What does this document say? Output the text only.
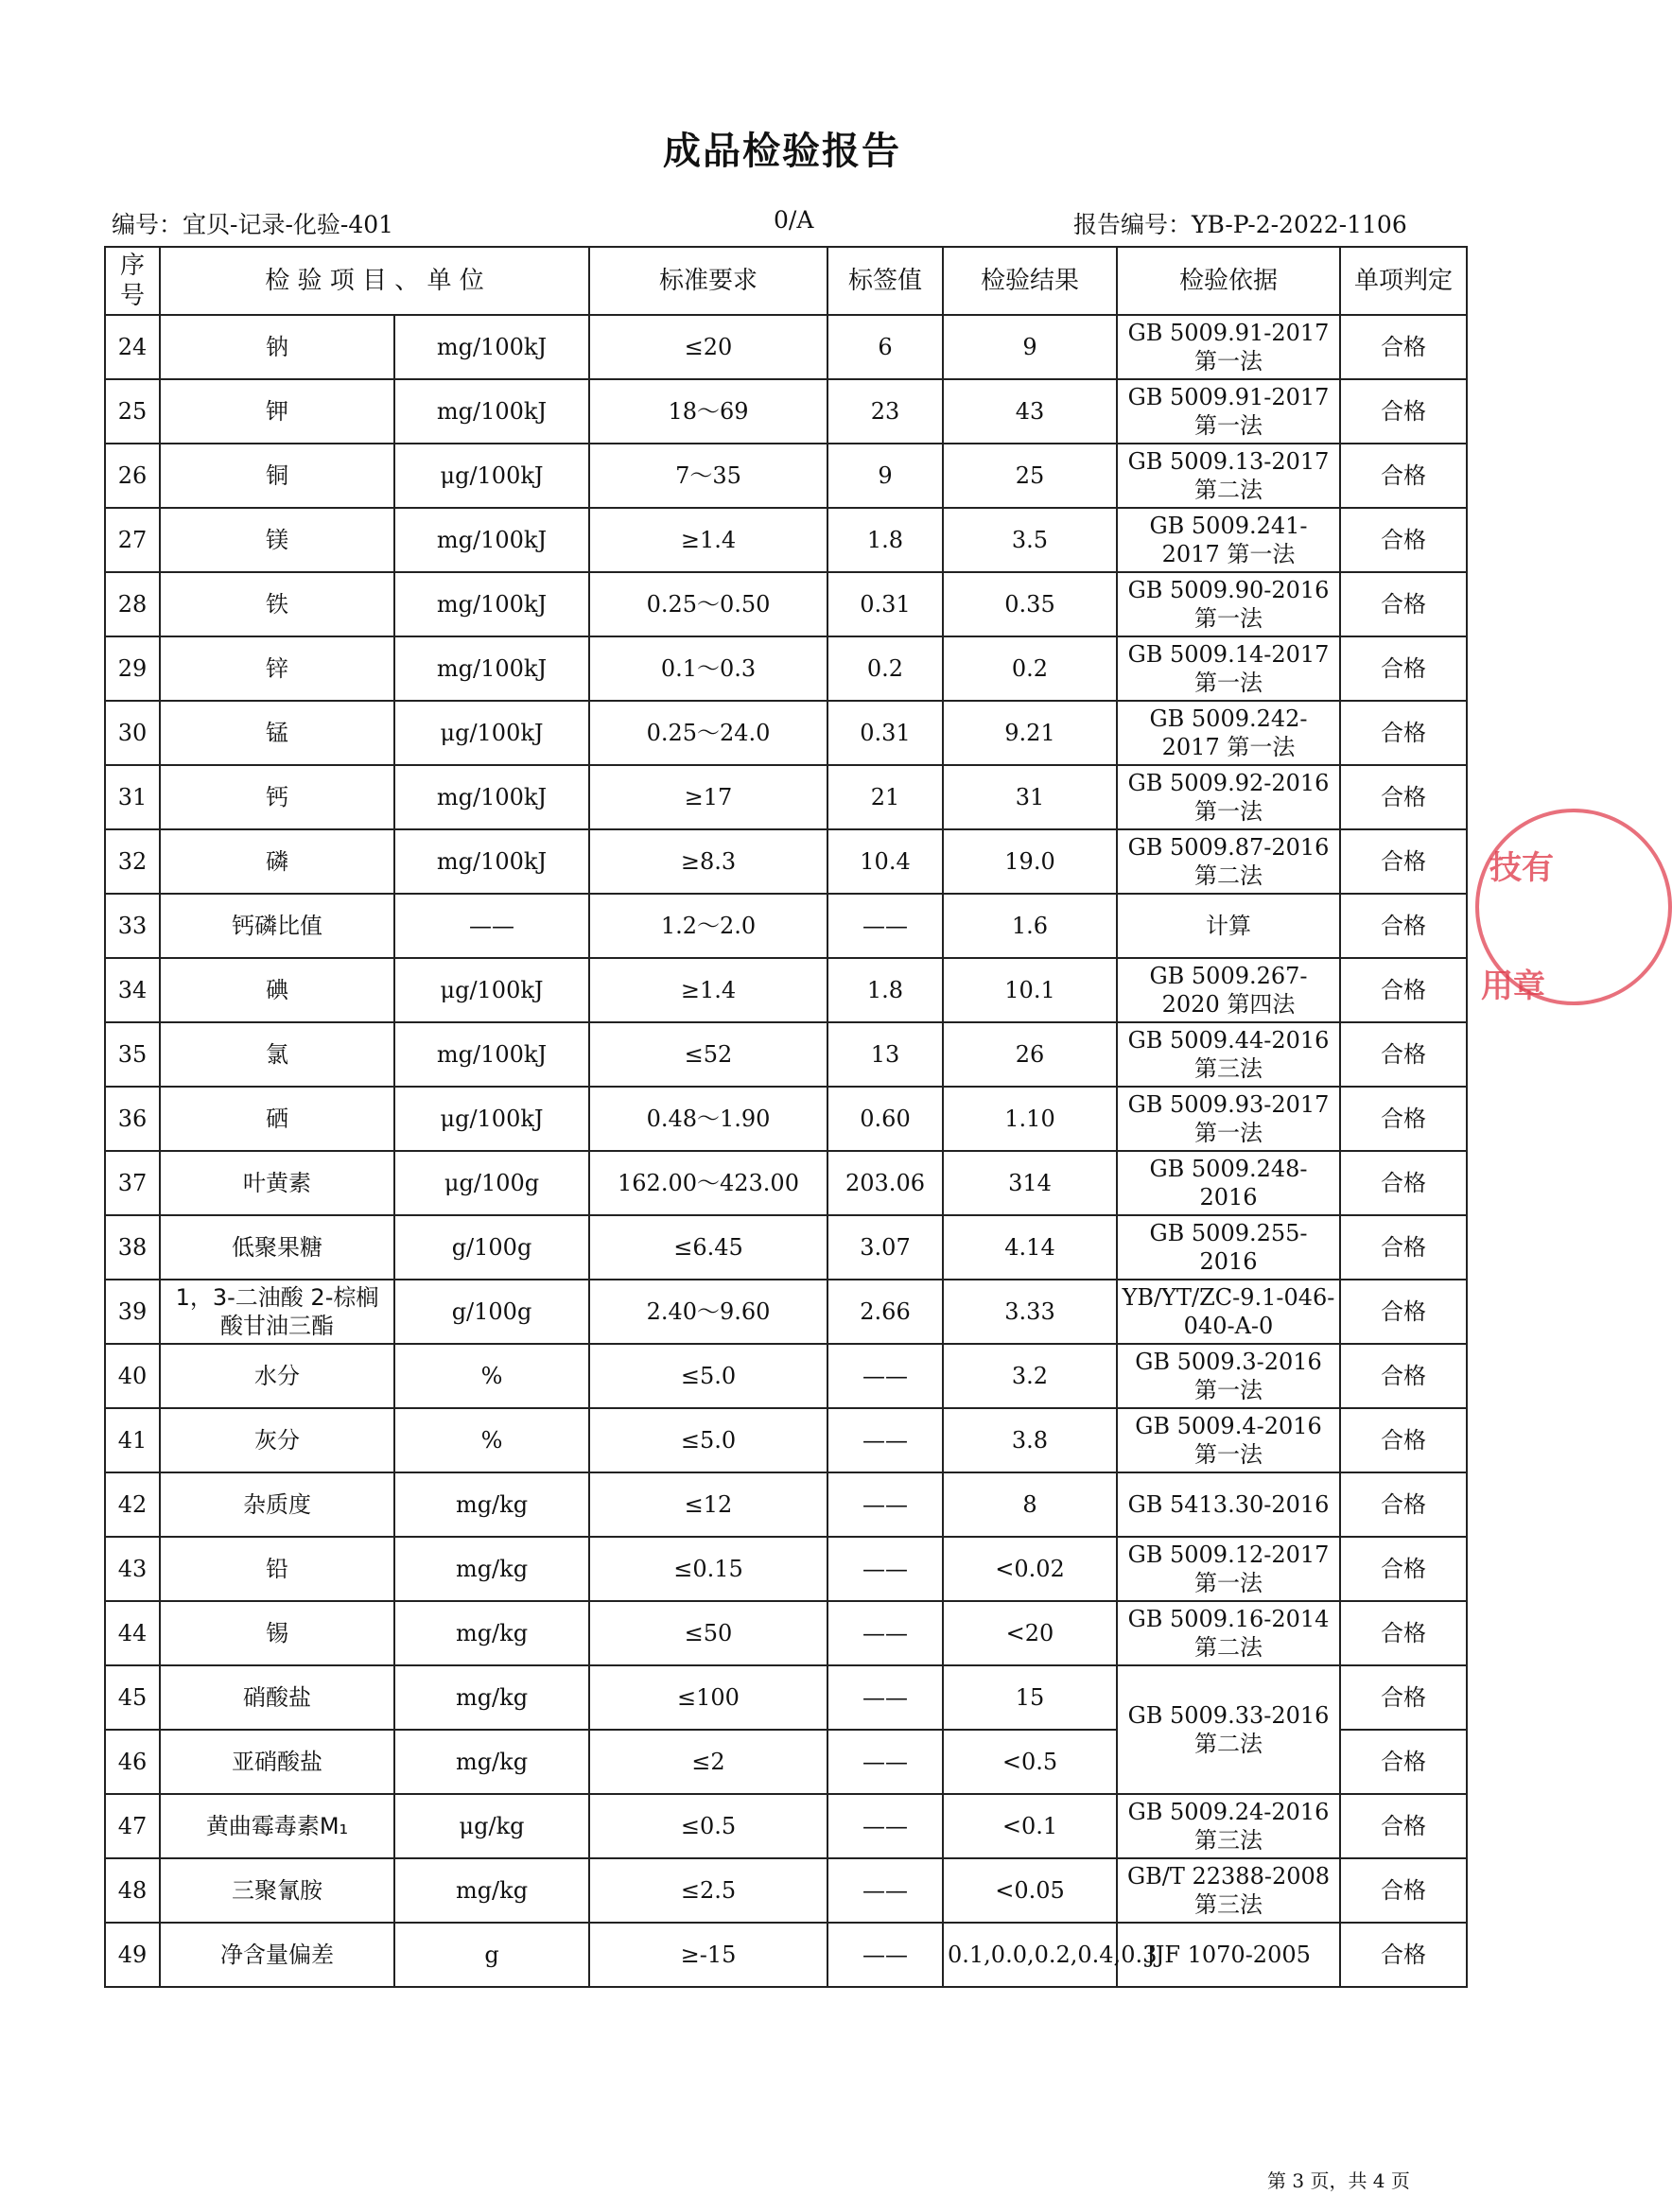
成品检验报告
编号：宜贝-记录-化验-401	0/A	报告编号：YB-P-2-2022-1106
序号	检 验 项 目 、 单 位		标准要求	标签值	检验结果	检验依据	单项判定
24	钠	mg/100kJ	≤20	6	9	GB 5009.91-2017 第一法	合格
25	钾	mg/100kJ	18～69	23	43	GB 5009.91-2017 第一法	合格
26	铜	μg/100kJ	7～35	9	25	GB 5009.13-2017 第二法	合格
27	镁	mg/100kJ	≥1.4	1.8	3.5	GB 5009.241-2017 第一法	合格
28	铁	mg/100kJ	0.25～0.50	0.31	0.35	GB 5009.90-2016 第一法	合格
29	锌	mg/100kJ	0.1～0.3	0.2	0.2	GB 5009.14-2017 第一法	合格
30	锰	μg/100kJ	0.25～24.0	0.31	9.21	GB 5009.242-2017 第一法	合格
31	钙	mg/100kJ	≥17	21	31	GB 5009.92-2016 第一法	合格
32	磷	mg/100kJ	≥8.3	10.4	19.0	GB 5009.87-2016 第二法	合格
33	钙磷比值	——	1.2～2.0	——	1.6	计算	合格
34	碘	μg/100kJ	≥1.4	1.8	10.1	GB 5009.267-2020 第四法	合格
35	氯	mg/100kJ	≤52	13	26	GB 5009.44-2016 第三法	合格
36	硒	μg/100kJ	0.48～1.90	0.60	1.10	GB 5009.93-2017 第一法	合格
37	叶黄素	μg/100g	162.00～423.00	203.06	314	GB 5009.248-2016	合格
38	低聚果糖	g/100g	≤6.45	3.07	4.14	GB 5009.255-2016	合格
39	1，3-二油酸 2-棕榈酸甘油三酯	g/100g	2.40～9.60	2.66	3.33	YB/YT/ZC-9.1-046-040-A-0	合格
40	水分	%	≤5.0	——	3.2	GB 5009.3-2016 第一法	合格
41	灰分	%	≤5.0	——	3.8	GB 5009.4-2016 第一法	合格
42	杂质度	mg/kg	≤12	——	8	GB 5413.30-2016	合格
43	铅	mg/kg	≤0.15	——	<0.02	GB 5009.12-2017 第一法	合格
44	锡	mg/kg	≤50	——	<20	GB 5009.16-2014 第二法	合格
45	硝酸盐	mg/kg	≤100	——	15	GB 5009.33-2016 第二法	合格
46	亚硝酸盐	mg/kg	≤2	——	<0.5		合格
47	黄曲霉毒素M₁	μg/kg	≤0.5	——	<0.1	GB 5009.24-2016 第三法	合格
48	三聚氰胺	mg/kg	≤2.5	——	<0.05	GB/T 22388-2008 第三法	合格
49	净含量偏差	g	≥-15	——	0.1,0.0,0.2,0.4,0.3	JJF 1070-2005	合格
技有
用章
第 3 页，共 4 页
